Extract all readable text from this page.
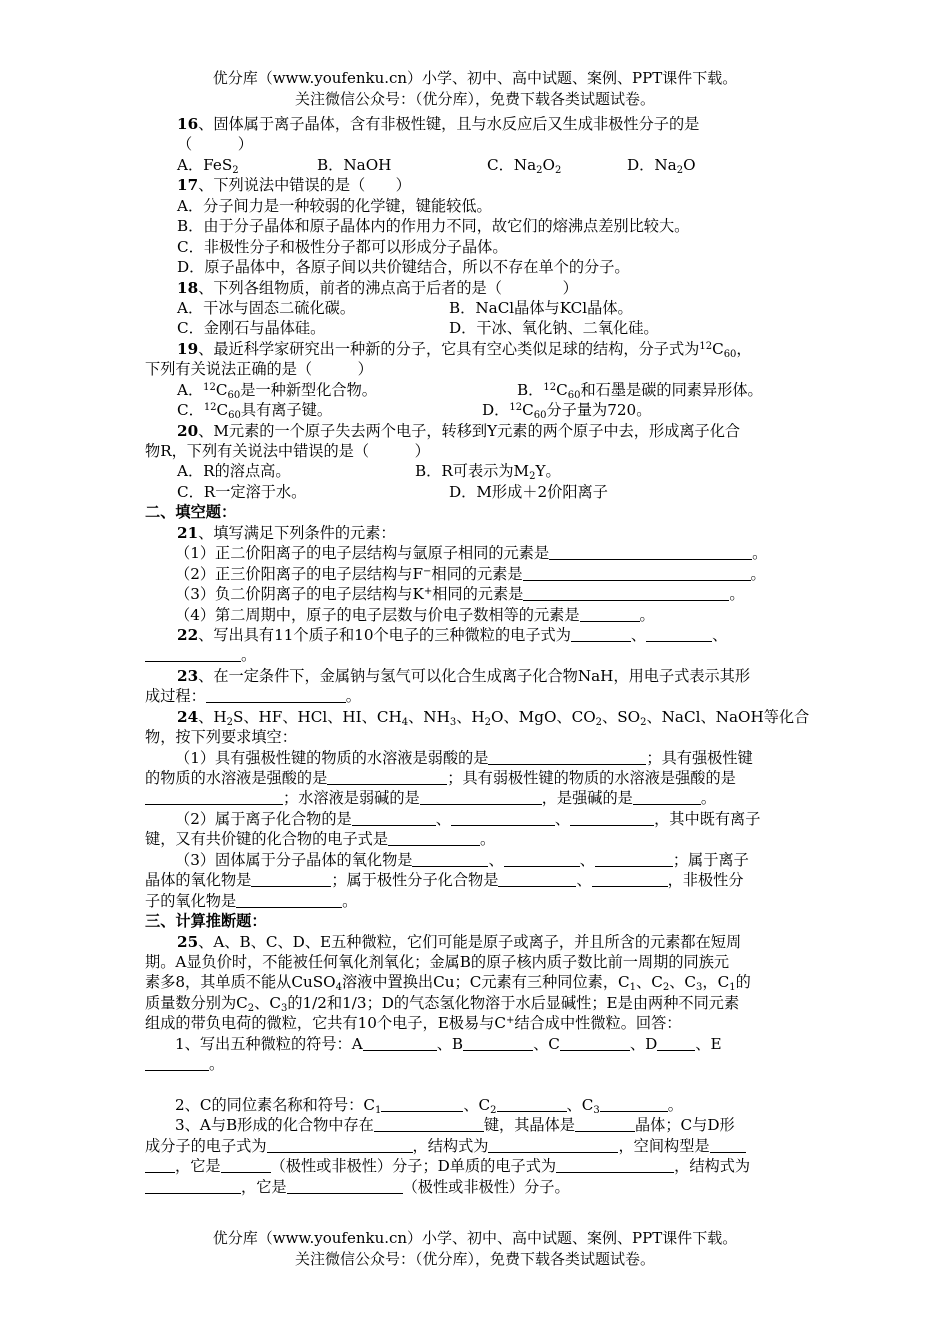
优分库（www.youfenku.cn）小学、初中、高中试题、案例、PPT课件下载。
关注微信公众号：（优分库），免费下载各类试题试卷。
16、固体属于离子晶体，含有非极性键，且与水反应后又生成非极性分子的是
（　　　）
A．FeS$_2$	B．NaOH	C．$Na_2O_2$	D．$Na_2O$
17、下列说法中错误的是（　　）
A．分子间力是一种较弱的化学键，键能较低。
B．由于分子晶体和原子晶体内的作用力不同，故它们的熔沸点差别比较大。
C．非极性分子和极性分子都可以形成分子晶体。
D．原子晶体中，各原子间以共价键结合，所以不存在单个的分子。
18、下列各组物质，前者的沸点高于后者的是（　　　　）
A．干冰与固态二硫化碳。	B．NaCl晶体与KCl晶体。
C．金刚石与晶体硅。	D．干冰、氧化钠、二氧化硅。
19、最近科学家研究出一种新的分子，它具有空心类似足球的结构，分子式为$^{12}C_{60}$，
下列有关说法正确的是（　　　）
A．$^{12}C_{60}$是一种新型化合物。	B．$^{12}C_{60}$和石墨是碳的同素异形体。
C．$^{12}C_{60}$具有离子键。	D．$^{12}C_{60}$分子量为720。
20、M元素的一个原子失去两个电子，转移到Y元素的两个原子中去，形成离子化合
物R，下列有关说法中错误的是（　　　）
A．R的溶点高。	B．R可表示为$M_2Y$。
C．R一定溶于水。	D．M形成＋2价阳离子
二、填空题：
21、填写满足下列条件的元素：
（1）正二价阳离子的电子层结构与氩原子相同的元素是	。
（2）正三价阳离子的电子层结构与F−相同的元素是	。
（3）负二价阴离子的电子层结构与K+相同的元素是	。
（4）第二周期中，原子的电子层数与价电子数相等的元素是	。
22、写出具有11个质子和10个电子的三种微粒的电子式为	、	、
。
23、在一定条件下，金属钠与氢气可以化合生成离子化合物NaH，用电子式表示其形
成过程：	。
24、$H_2S$、HF、HCl、HI、$CH_4$、$NH_3$、$H_2O$、MgO、$CO_2$、$SO_2$、NaCl、NaOH等化合
物，按下列要求填空：
（1）具有强极性键的物质的水溶液是弱酸的是	；具有强极性键
的物质的水溶液是强酸的是	；具有弱极性键的物质的水溶液是强酸的是
；水溶液是弱碱的是	，是强碱的是	。
（2）属于离子化合物的是	、	、	，其中既有离子
键，又有共价键的化合物的电子式是	。
（3）固体属于分子晶体的氧化物是	、	、	；属于离子
晶体的氧化物是	；属于极性分子化合物是	、	，非极性分
子的氧化物是	。
三、计算推断题：
25、A、B、C、D、E五种微粒，它们可能是原子或离子，并且所含的元素都在短周
期。A显负价时，不能被任何氧化剂氧化；金属B的原子核内质子数比前一周期的同族元
素多8，其单质不能从CuSO$_4$溶液中置换出Cu；C元素有三种同位素，$C_1$、$C_2$、$C_3$，$C_1$的
质量数分别为$C_2$、$C_3$的1/2和1/3；D的气态氢化物溶于水后显碱性；E是由两种不同元素
组成的带负电荷的微粒，它共有10个电子，E极易与C+结合成中性微粒。回答：
1、写出五种微粒的符号：A	、B	、C	、D	、E
。
2、C的同位素名称和符号：$C_1$	、$C_2$	、$C_3$	。
3、A与B形成的化合物中存在	键，其晶体是	晶体；C与D形
成分子的电子式为	，结构式为	，空间构型是
，它是	（极性或非极性）分子；D单质的电子式为	，结构式为
，它是	（极性或非极性）分子。
优分库（www.youfenku.cn）小学、初中、高中试题、案例、PPT课件下载。
关注微信公众号：（优分库），免费下载各类试题试卷。
